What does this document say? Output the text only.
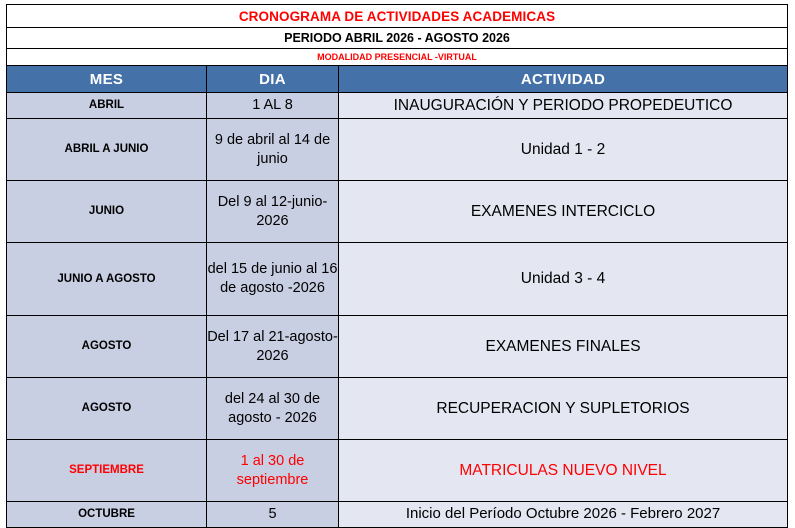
CRONOGRAMA DE ACTIVIDADES ACADEMICAS		
PERIODO ABRIL 2026 - AGOSTO 2026		
MODALIDAD PRESENCIAL -VIRTUAL		
MES	DIA	ACTIVIDAD
ABRIL	1 AL 8	INAUGURACIÓN Y PERIODO PROPEDEUTICO
ABRIL A JUNIO	9 de abril al 14 de junio	Unidad 1 - 2
JUNIO	Del 9 al 12-junio-2026	EXAMENES INTERCICLO
JUNIO A AGOSTO	del 15 de junio al 16 de agosto -2026	Unidad 3 - 4
AGOSTO	Del 17 al 21-agosto-2026	EXAMENES FINALES
AGOSTO	del 24 al 30 de agosto - 2026	RECUPERACION Y SUPLETORIOS
SEPTIEMBRE	1 al 30 de septiembre	MATRICULAS NUEVO NIVEL
OCTUBRE	5	Inicio del Período Octubre 2026 - Febrero 2027
